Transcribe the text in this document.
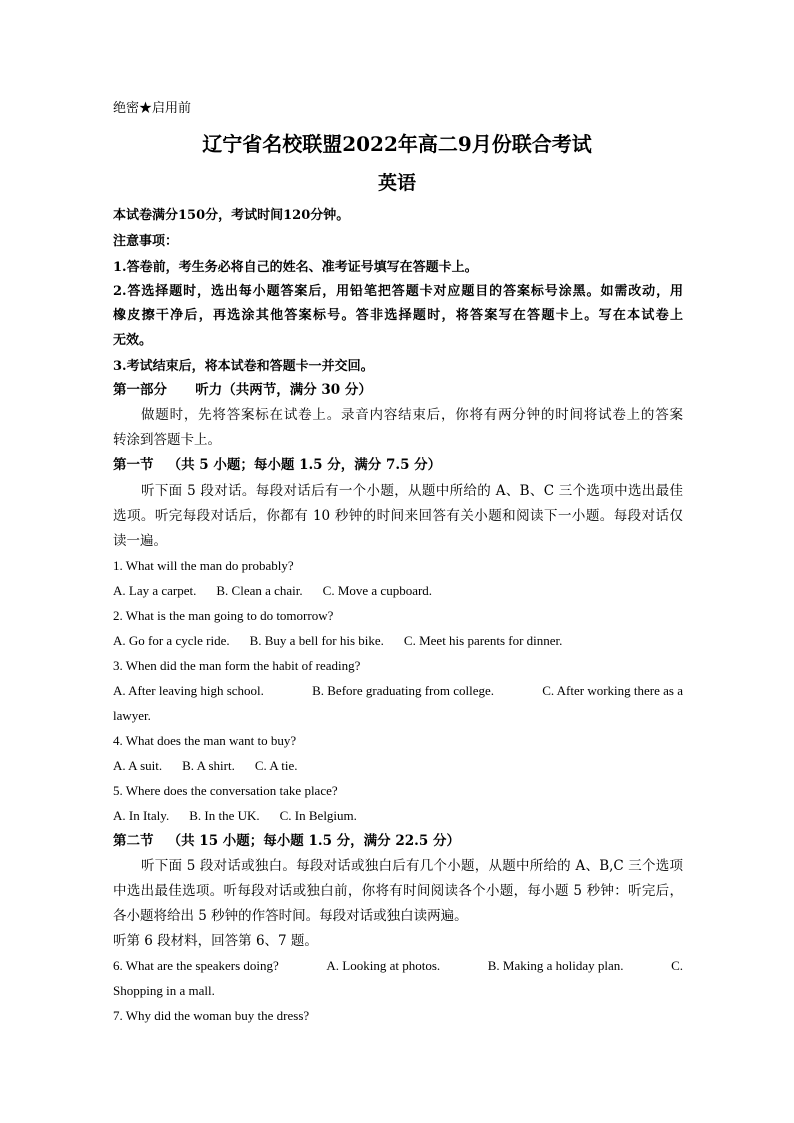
绝密★启用前
辽宁省名校联盟2022年高二9月份联合考试
英语
本试卷满分150分，考试时间120分钟。
注意事项：
1.答卷前，考生务必将自己的姓名、准考证号填写在答题卡上。
2.答选择题时，选出每小题答案后，用铅笔把答题卡对应题目的答案标号涂黑。如需改动，用
橡皮擦干净后，再选涂其他答案标号。答非选择题时，将答案写在答题卡上。写在本试卷上
无效。
3.考试结束后，将本试卷和答题卡一并交回。
第一部分      听力（共两节，满分 30 分）
做题时，先将答案标在试卷上。录音内容结束后，你将有两分钟的时间将试卷上的答案
转涂到答题卡上。
第一节   （共 5 小题；每小题 1.5 分，满分 7.5 分）
听下面 5 段对话。每段对话后有一个小题，从题中所给的 A、B、C 三个选项中选出最佳
选项。听完每段对话后，你都有 10 秒钟的时间来回答有关小题和阅读下一小题。每段对话仅
读一遍。
1. What will the man do probably?
A. Lay a carpet. B. Clean a chair. C. Move a cupboard.
2. What is the man going to do tomorrow?
A. Go for a cycle ride. B. Buy a bell for his bike. C. Meet his parents for dinner.
3. When did the man form the habit of reading?
A. After leaving high school.	B. Before graduating from college.	C. After working there as a
lawyer.
4. What does the man want to buy?
A. A suit. B. A shirt. C. A tie.
5. Where does the conversation take place?
A. In Italy. B. In the UK. C. In Belgium.
第二节   （共 15 小题；每小题 1.5 分，满分 22.5 分）
听下面 5 段对话或独白。每段对话或独白后有几个小题，从题中所给的 A、B,C 三个选项
中选出最佳选项。听每段对话或独白前，你将有时间阅读各个小题，每小题 5 秒钟：听完后，
各小题将给出 5 秒钟的作答时间。每段对话或独白读两遍。
听第 6 段材料，回答第 6、7 题。
6. What are the speakers doing?	A. Looking at photos.	B. Making a holiday plan.	C.
Shopping in a mall.
7. Why did the woman buy the dress?
